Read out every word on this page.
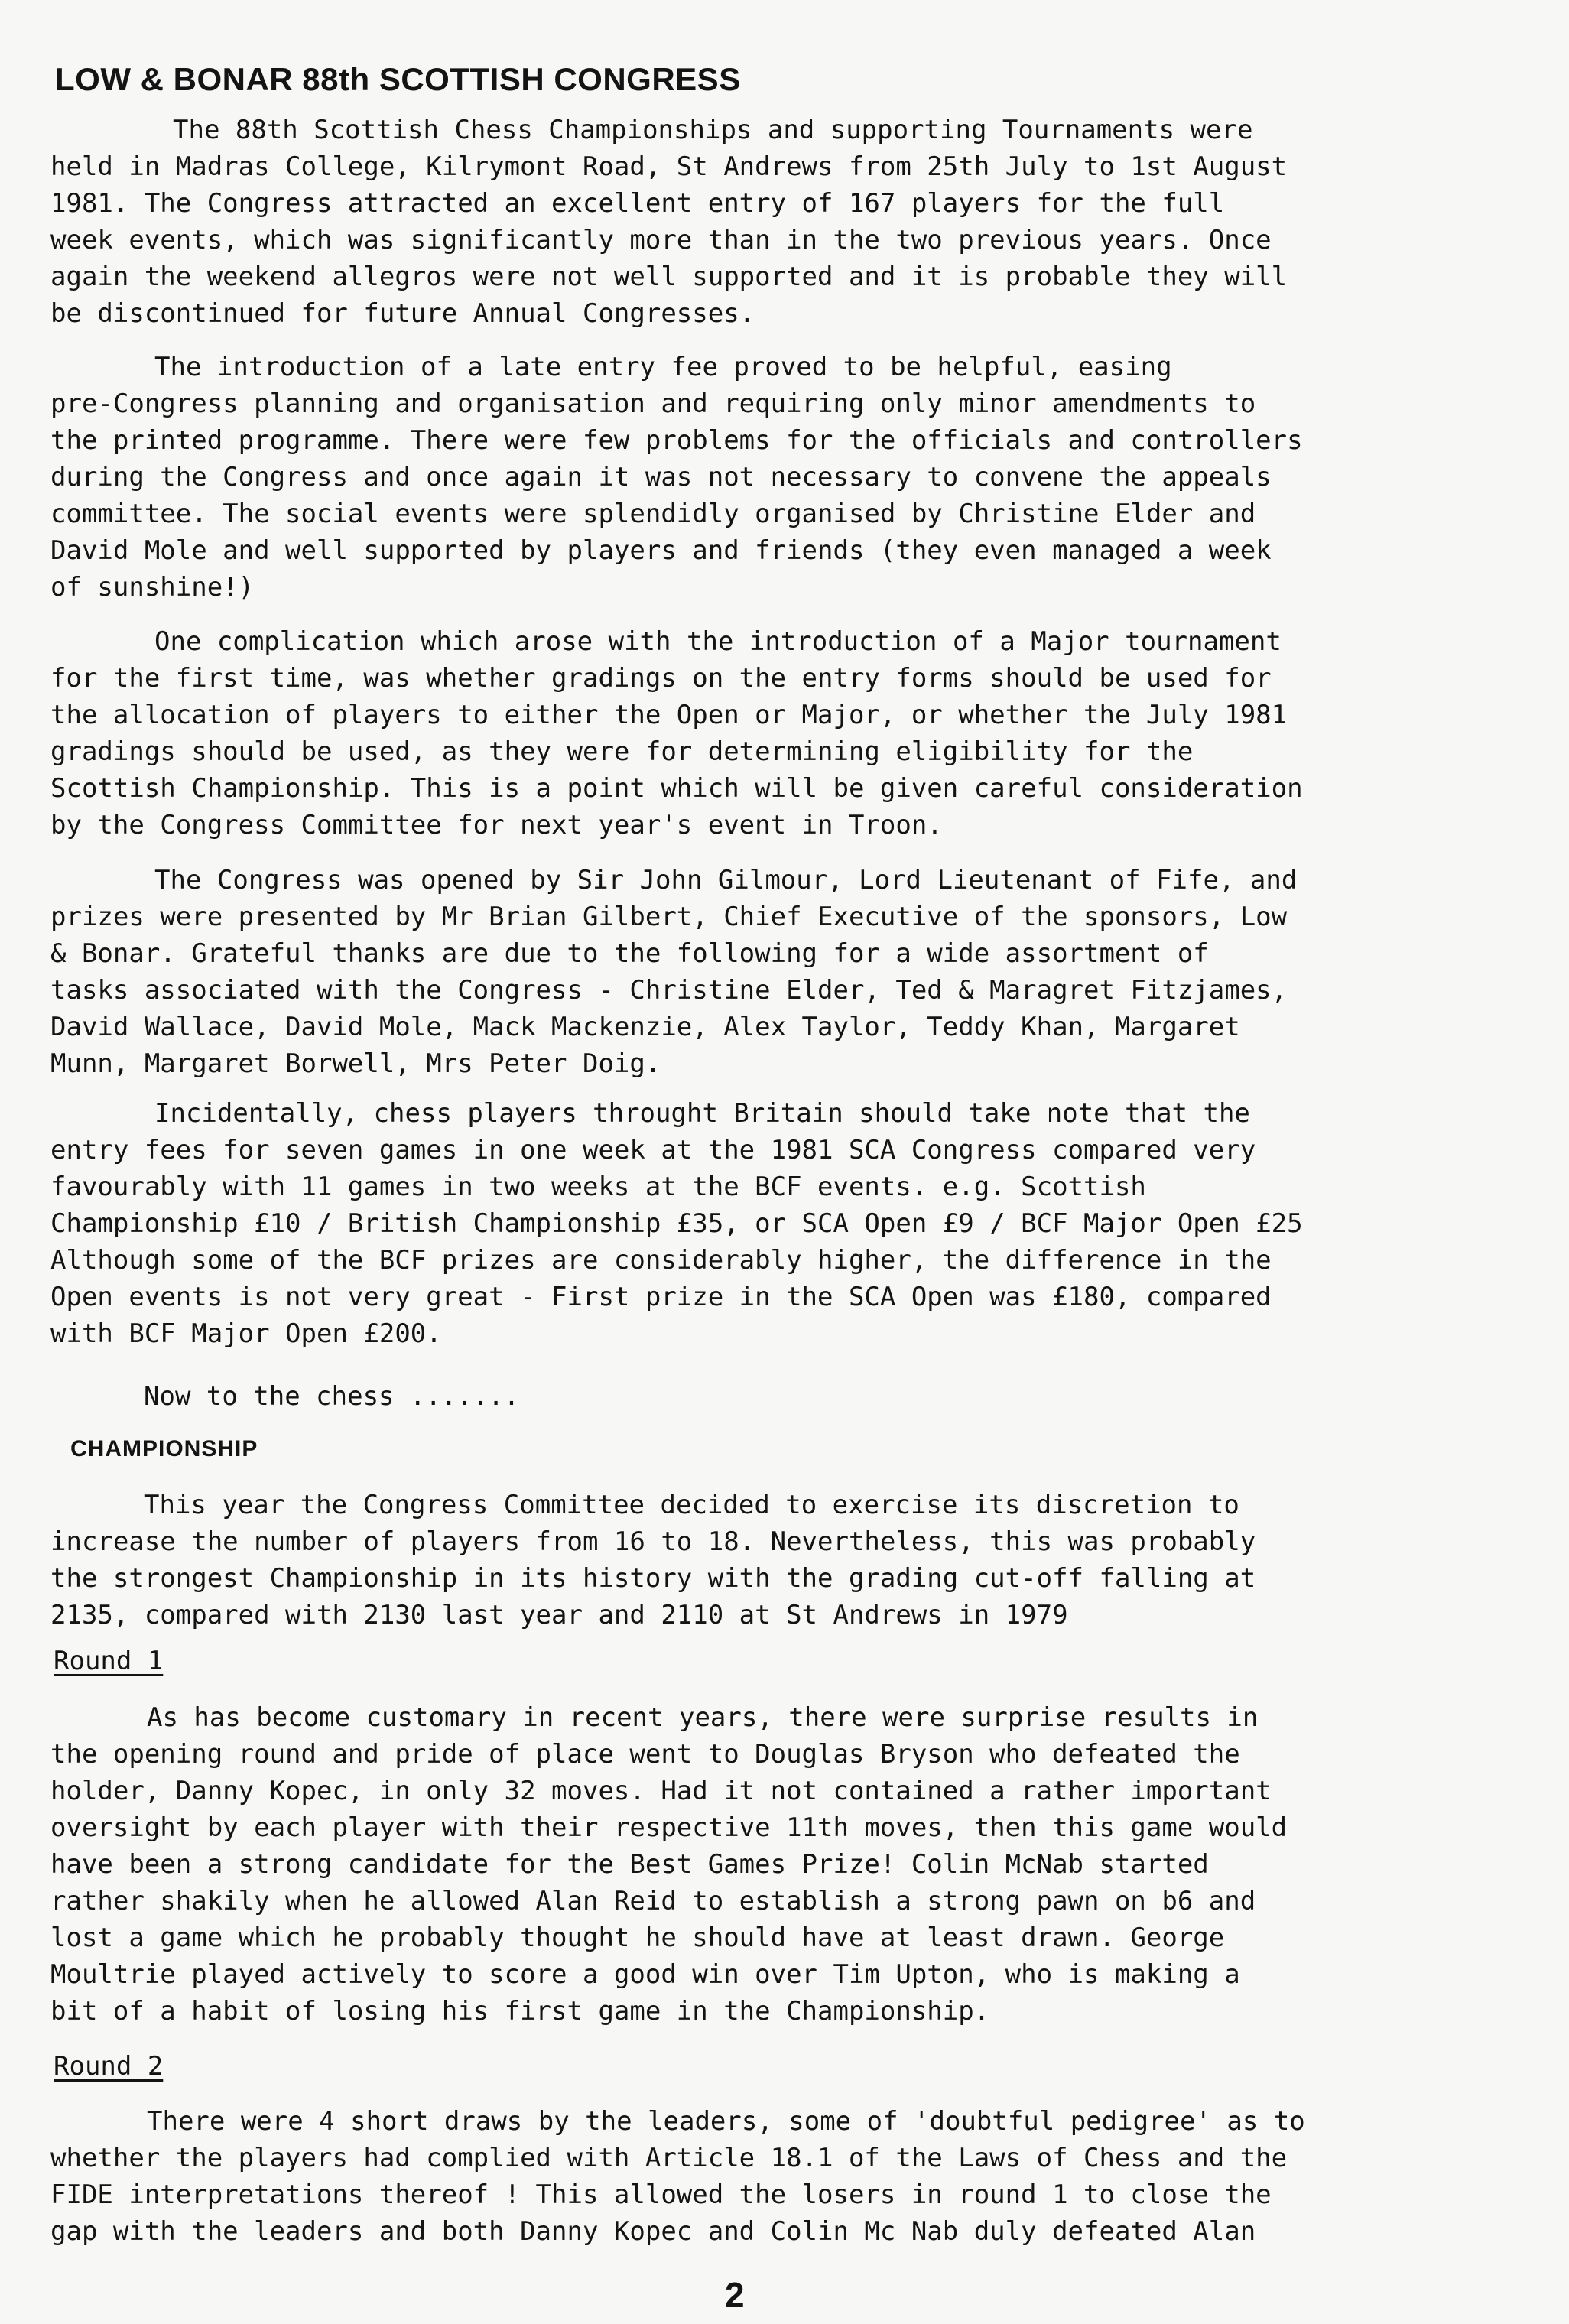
LOW & BONAR 88th SCOTTISH CONGRESS
The 88th Scottish Chess Championships and supporting Tournaments were
held in Madras College, Kilrymont Road, St Andrews from 25th July to 1st August
1981. The Congress attracted an excellent entry of 167 players for the full
week events, which was significantly more than in the two previous years. Once
again the weekend allegros were not well supported and it is probable they will
be discontinued for future Annual Congresses.
The introduction of a late entry fee proved to be helpful, easing
pre-Congress planning and organisation and requiring only minor amendments to
the printed programme. There were few problems for the officials and controllers
during the Congress and once again it was not necessary to convene the appeals
committee. The social events were splendidly organised by Christine Elder and
David Mole and well supported by players and friends (they even managed a week
of sunshine!)
One complication which arose with the introduction of a Major tournament
for the first time, was whether gradings on the entry forms should be used for
the allocation of players to either the Open or Major, or whether the July 1981
gradings should be used, as they were for determining eligibility for the
Scottish Championship. This is a point which will be given careful consideration
by the Congress Committee for next year's event in Troon.
The Congress was opened by Sir John Gilmour, Lord Lieutenant of Fife, and
prizes were presented by Mr Brian Gilbert, Chief Executive of the sponsors, Low
& Bonar. Grateful thanks are due to the following for a wide assortment of
tasks associated with the Congress - Christine Elder, Ted & Maragret Fitzjames,
David Wallace, David Mole, Mack Mackenzie, Alex Taylor, Teddy Khan, Margaret
Munn, Margaret Borwell, Mrs Peter Doig.
Incidentally, chess players throught Britain should take note that the
entry fees for seven games in one week at the 1981 SCA Congress compared very
favourably with 11 games in two weeks at the BCF events. e.g. Scottish
Championship £10 / British Championship £35, or SCA Open £9 / BCF Major Open £25
Although some of the BCF prizes are considerably higher, the difference in the
Open events is not very great - First prize in the SCA Open was £180, compared
with BCF Major Open £200.
Now to the chess .......
CHAMPIONSHIP
This year the Congress Committee decided to exercise its discretion to
increase the number of players from 16 to 18. Nevertheless, this was probably
the strongest Championship in its history with the grading cut-off falling at
2135, compared with 2130 last year and 2110 at St Andrews in 1979
Round 1
As has become customary in recent years, there were surprise results in
the opening round and pride of place went to Douglas Bryson who defeated the
holder, Danny Kopec, in only 32 moves. Had it not contained a rather important
oversight by each player with their respective 11th moves, then this game would
have been a strong candidate for the Best Games Prize! Colin McNab started
rather shakily when he allowed Alan Reid to establish a strong pawn on b6 and
lost a game which he probably thought he should have at least drawn. George
Moultrie played actively to score a good win over Tim Upton, who is making a
bit of a habit of losing his first game in the Championship.
Round 2
There were 4 short draws by the leaders, some of 'doubtful pedigree' as to
whether the players had complied with Article 18.1 of the Laws of Chess and the
FIDE interpretations thereof ! This allowed the losers in round 1 to close the
gap with the leaders and both Danny Kopec and Colin Mc Nab duly defeated Alan
2
